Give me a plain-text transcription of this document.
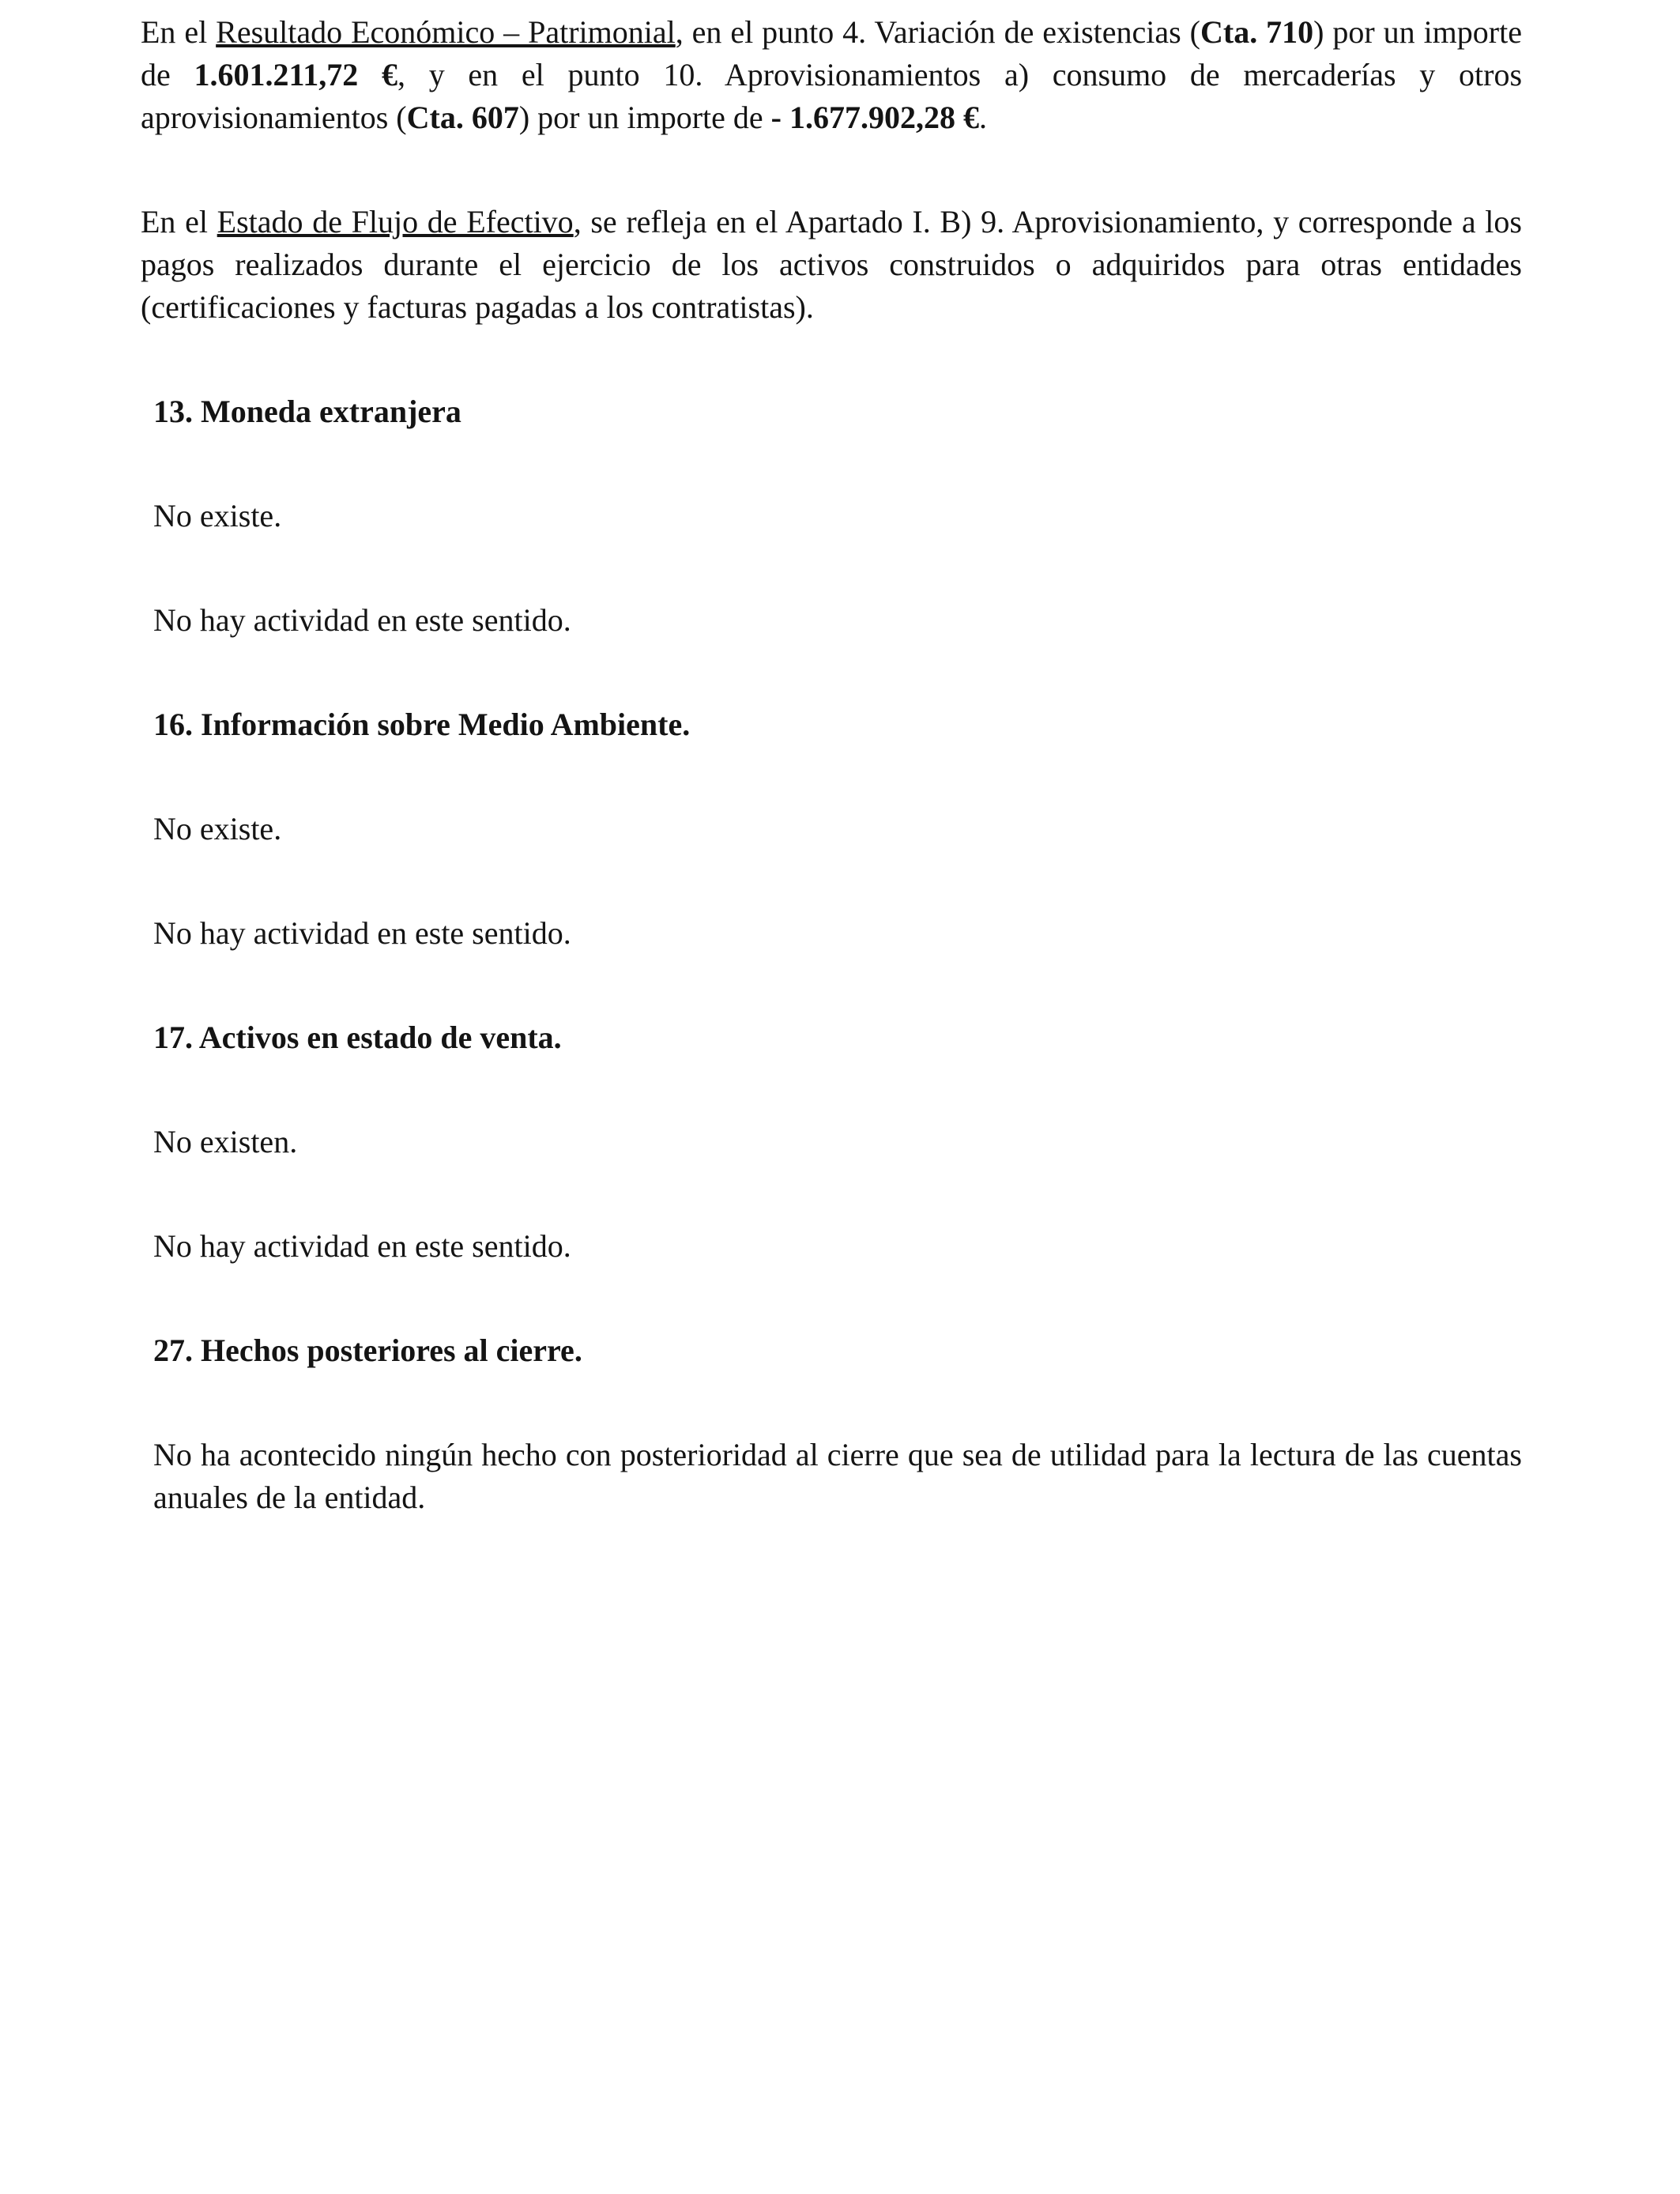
En el Resultado Económico – Patrimonial, en el punto 4. Variación de existencias (Cta. 710) por un importe de 1.601.211,72 €, y en el punto 10. Aprovisionamientos a) consumo de mercaderías y otros aprovisionamientos (Cta. 607) por un importe de - 1.677.902,28 €.

En el Estado de Flujo de Efectivo, se refleja en el Apartado I. B) 9. Aprovisionamiento, y corresponde a los pagos realizados durante el ejercicio de los activos construidos o adquiridos para otras entidades (certificaciones y facturas pagadas a los contratistas).

13. Moneda extranjera

No existe.

No hay actividad en este sentido.

16. Información sobre Medio Ambiente.

No existe.

No hay actividad en este sentido.

17. Activos en estado de venta.

No existen.

No hay actividad en este sentido.

27. Hechos posteriores al cierre.

No ha acontecido ningún hecho con posterioridad al cierre que sea de utilidad para la lectura de las cuentas anuales de la entidad.
